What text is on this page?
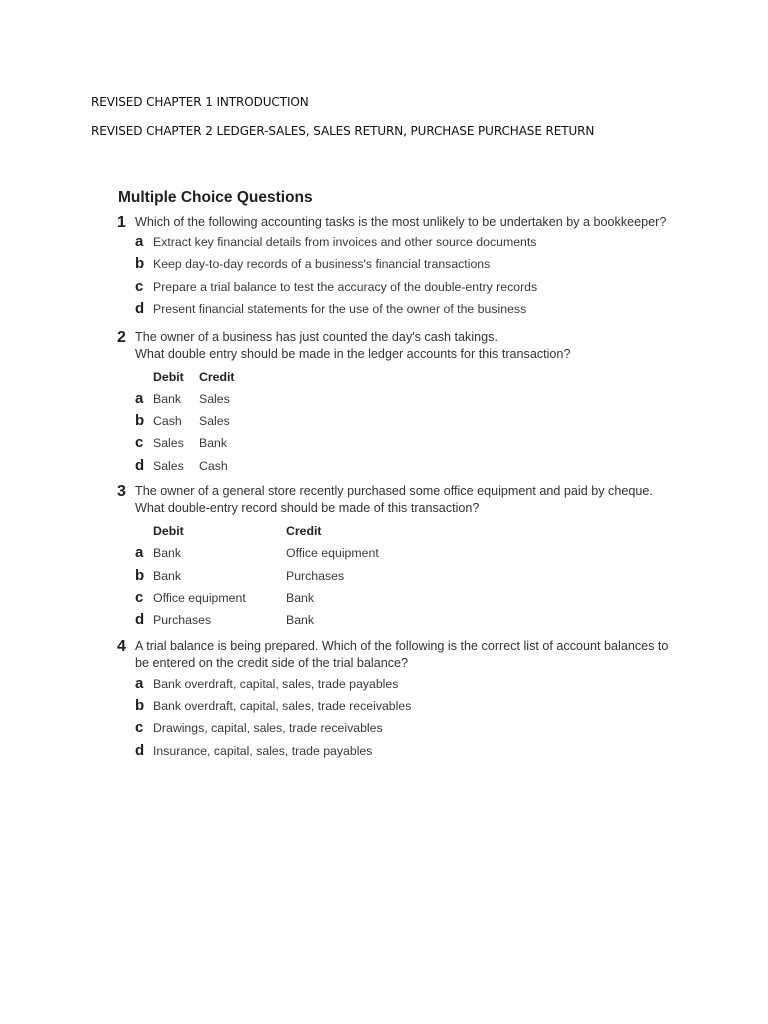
REVISED CHAPTER 1 INTRODUCTION
REVISED CHAPTER 2 LEDGER-SALES, SALES RETURN, PURCHASE PURCHASE RETURN
Multiple Choice Questions
1 Which of the following accounting tasks is the most unlikely to be undertaken by a bookkeeper?
a Extract key financial details from invoices and other source documents
b Keep day-to-day records of a business's financial transactions
c Prepare a trial balance to test the accuracy of the double-entry records
d Present financial statements for the use of the owner of the business
2 The owner of a business has just counted the day's cash takings.
What double entry should be made in the ledger accounts for this transaction?
Debit Credit
a Bank	Sales
b Cash	Sales
c Sales	Bank
d Sales	Cash
3 The owner of a general store recently purchased some office equipment and paid by cheque.
What double-entry record should be made of this transaction?
Debit	Credit
a Bank	Office equipment
b Bank	Purchases
c Office equipment	Bank
d Purchases	Bank
4 A trial balance is being prepared. Which of the following is the correct list of account balances to
be entered on the credit side of the trial balance?
a Bank overdraft, capital, sales, trade payables
b Bank overdraft, capital, sales, trade receivables
c Drawings, capital, sales, trade receivables
d Insurance, capital, sales, trade payables
